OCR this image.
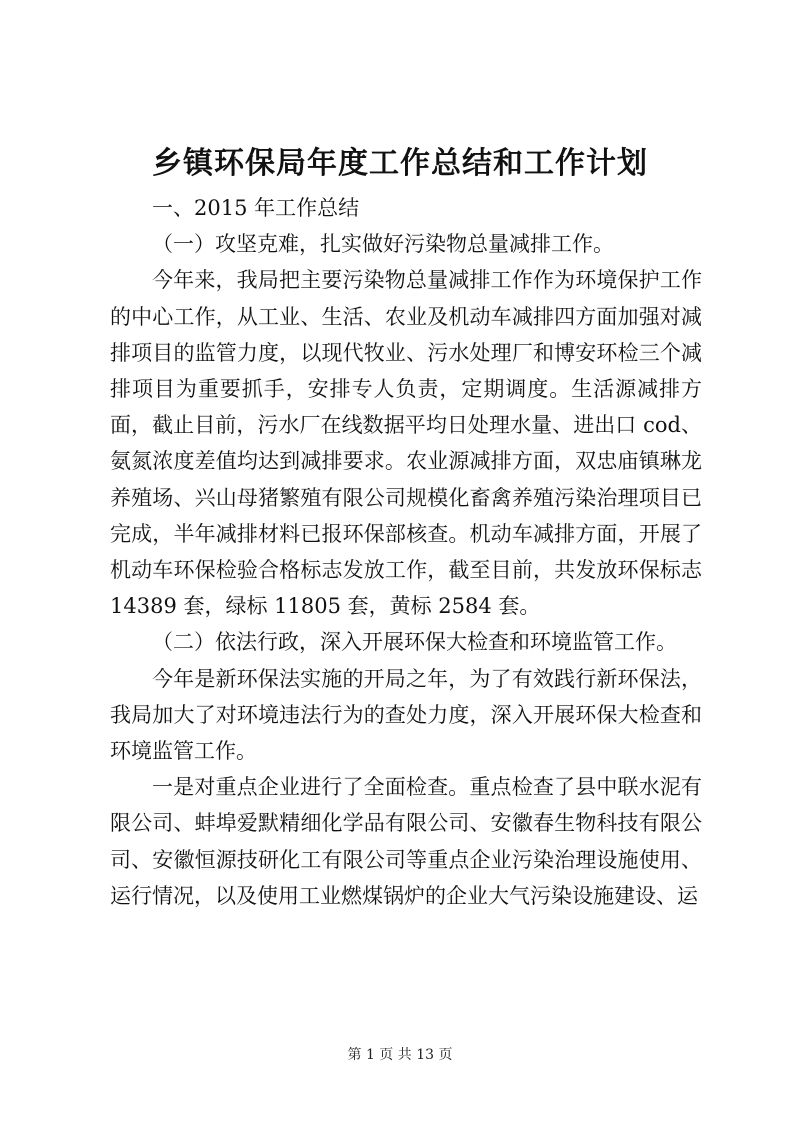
乡镇环保局年度工作总结和工作计划

一、2015 年工作总结

（一）攻坚克难，扎实做好污染物总量减排工作。

今年来，我局把主要污染物总量减排工作作为环境保护工作的中心工作，从工业、生活、农业及机动车减排四方面加强对减排项目的监管力度，以现代牧业、污水处理厂和博安环检三个减排项目为重要抓手，安排专人负责，定期调度。生活源减排方面，截止目前，污水厂在线数据平均日处理水量、进出口 cod、氨氮浓度差值均达到减排要求。农业源减排方面，双忠庙镇琳龙养殖场、兴山母猪繁殖有限公司规模化畜禽养殖污染治理项目已完成，半年减排材料已报环保部核查。机动车减排方面，开展了机动车环保检验合格标志发放工作，截至目前，共发放环保标志 14389 套，绿标 11805 套，黄标 2584 套。

（二）依法行政，深入开展环保大检查和环境监管工作。

今年是新环保法实施的开局之年，为了有效践行新环保法，我局加大了对环境违法行为的查处力度，深入开展环保大检查和环境监管工作。

一是对重点企业进行了全面检查。重点检查了县中联水泥有限公司、蚌埠爱默精细化学品有限公司、安徽春生物科技有限公司、安徽恒源技研化工有限公司等重点企业污染治理设施使用、运行情况，以及使用工业燃煤锅炉的企业大气污染设施建设、运

第 1 页 共 13 页
